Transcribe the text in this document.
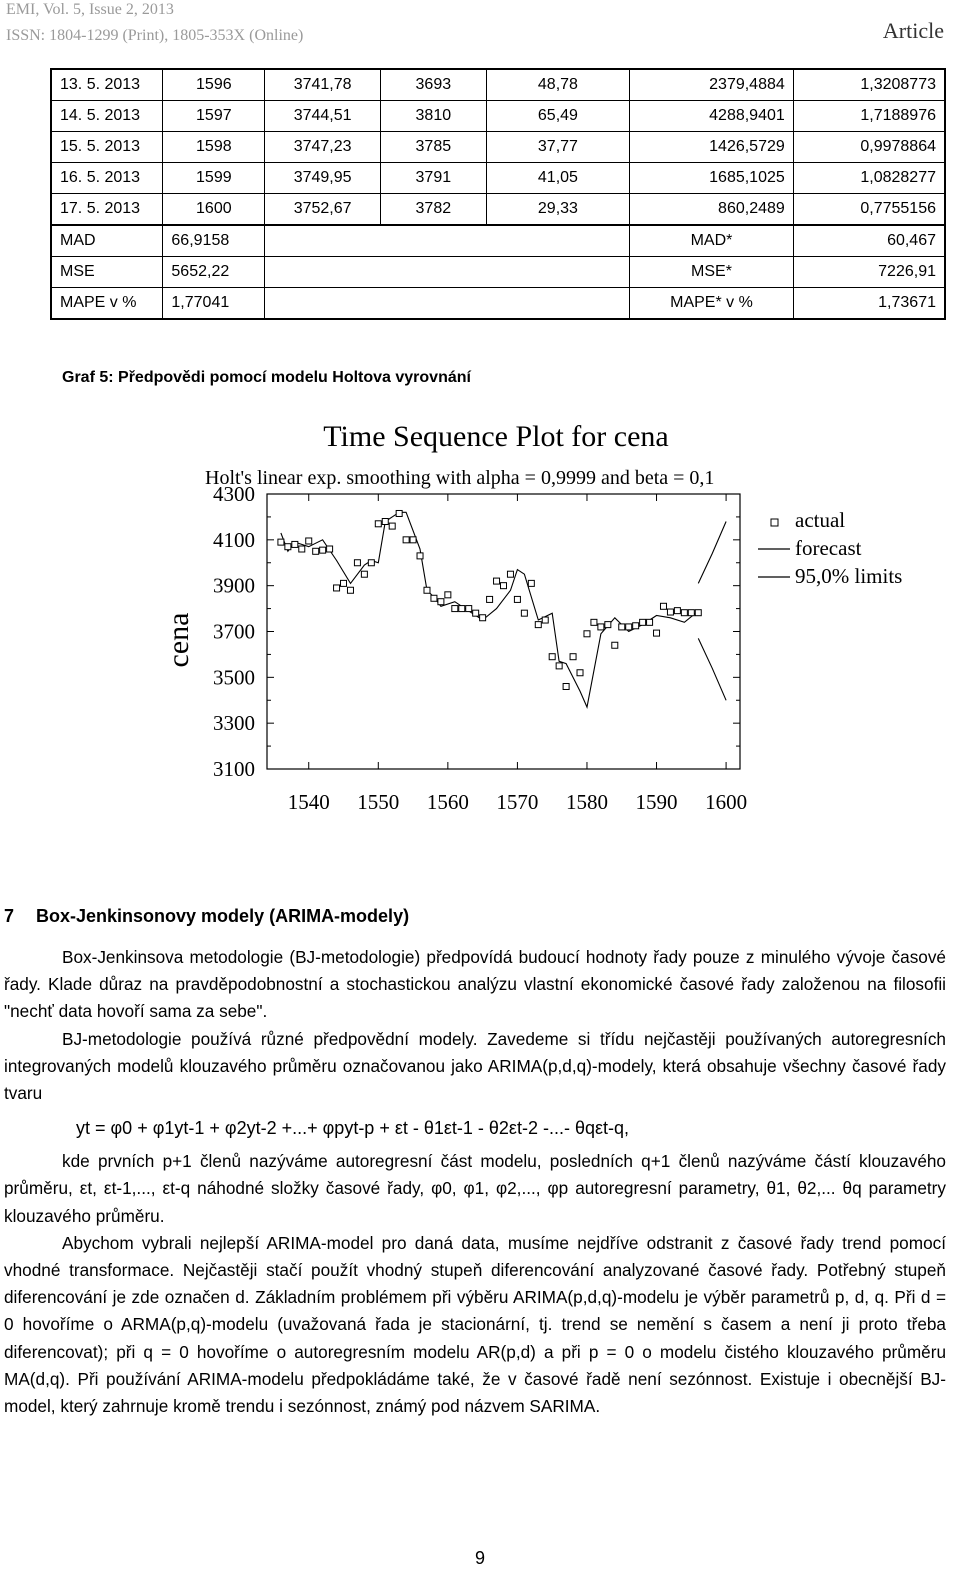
EMI, Vol. 5, Issue 2, 2013
ISSN: 1804-1299 (Print), 1805-353X (Online)	Article
13. 5. 2013	1596	3741,78	3693	48,78	2379,4884	1,3208773
14. 5. 2013	1597	3744,51	3810	65,49	4288,9401	1,7188976
15. 5. 2013	1598	3747,23	3785	37,77	1426,5729	0,9978864
16. 5. 2013	1599	3749,95	3791	41,05	1685,1025	1,0828277
17. 5. 2013	1600	3752,67	3782	29,33	860,2489	0,7755156
MAD	66,9158				MAD*	60,467
MSE	5652,22				MSE*	7226,91
MAPE v %	1,77041				MAPE* v %	1,73671
Graf 5: Předpovědi pomocí modelu Holtova vyrovnání
Time Sequence Plot for cena
Holt's linear exp. smoothing with alpha = 0,9999 and beta = 0,1
cena
4300
4100
3900
3700
3500
3300
3100
1540 1550 1560 1570 1580 1590 1600
actual
forecast
95,0% limits
7 Box-Jenkinsonovy modely (ARIMA-modely)

Box-Jenkinsova metodologie (BJ-metodologie) předpovídá budoucí hodnoty řady pouze z minulého vývoje časové řady. Klade důraz na pravděpodobnostní a stochastickou analýzu vlastní ekonomické časové řady založenou na filosofii "nechť data hovoří sama za sebe".

BJ-metodologie používá různé předpovědní modely. Zavedeme si třídu nejčastěji používaných autoregresních integrovaných modelů klouzavého průměru označovanou jako ARIMA(p,d,q)-modely, která obsahuje všechny časové řady tvaru

yt = φ0 + φ1yt-1 + φ2yt-2 +...+ φpyt-p + εt - θ1εt-1 - θ2εt-2 -...- θqεt-q,

kde prvních p+1 členů nazýváme autoregresní část modelu, posledních q+1 členů nazýváme částí klouzavého průměru, εt, εt-1,..., εt-q náhodné složky časové řady, φ0, φ1, φ2,..., φp autoregresní parametry, θ1, θ2,... θq parametry klouzavého průměru.

Abychom vybrali nejlepší ARIMA-model pro daná data, musíme nejdříve odstranit z časové řady trend pomocí vhodné transformace. Nejčastěji stačí použít vhodný stupeň diferencování analyzované časové řady. Potřebný stupeň diferencování je zde označen d. Základním problémem při výběru ARIMA(p,d,q)-modelu je výběr parametrů p, d, q. Při d = 0 hovoříme o ARMA(p,q)-modelu (uvažovaná řada je stacionární, tj. trend se nemění s časem a není ji proto třeba diferencovat); při q = 0 hovoříme o autoregresním modelu AR(p,d) a při p = 0 o modelu čistého klouzavého průměru MA(d,q). Při používání ARIMA-modelu předpokládáme také, že v časové řadě není sezónnost. Existuje i obecnější BJ-model, který zahrnuje kromě trendu i sezónnost, známý pod názvem SARIMA.

9
